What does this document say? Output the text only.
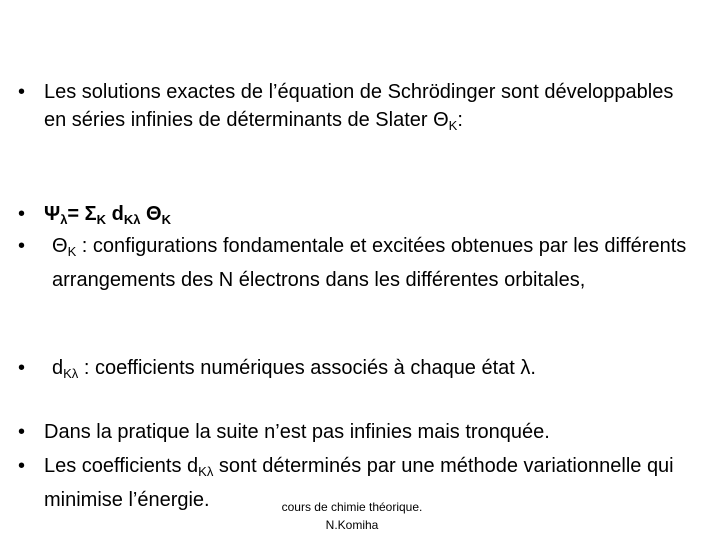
• Les solutions exactes de l’équation de Schrödinger sont développables en séries infinies de déterminants de Slater $\Theta_K$:
• $\Psi_\lambda= \Sigma_K$ $d_{K\lambda}$ $\Theta_K$
•	$\Theta_K$ : configurations fondamentale et excitées obtenues par les différents arrangements des N électrons dans les différentes orbitales,
•	$d_{K\lambda}$ : coefficients numériques associés à chaque état λ.
• Dans la pratique la suite n’est pas infinies mais tronquée.
• Les coefficients $d_{K\lambda}$ sont déterminés par une méthode variationnelle qui minimise l’énergie.	cours de chimie théorique.
N.Komiha
